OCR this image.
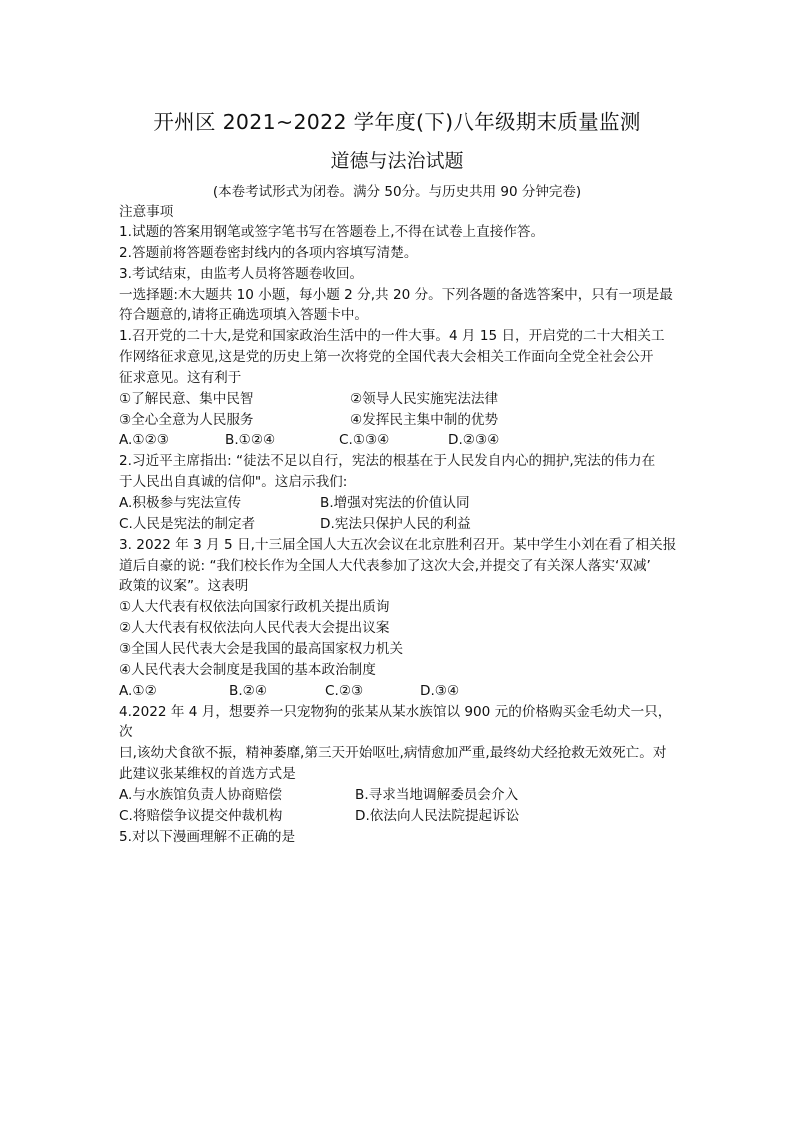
开州区 2021~2022 学年度(下)八年级期末质量监测
道德与法治试题
(本卷考试形式为闭卷。满分 50分。与历史共用 90 分钟完卷)
注意事项
1.试题的答案用钢笔或签字笔书写在答题卷上,不得在试卷上直接作答。
2.答题前将答题卷密封线内的各项内容填写清楚。
3.考试结束，由监考人员将答题卷收回。
一选择题:木大题共 10 小题，每小题 2 分,共 20 分。下列各题的备选答案中，只有一项是最
符合题意的,请将正确选项填入答题卡中。
1.召开党的二十大,是党和国家政治生活中的一件大事。4 月 15 日，开启党的二十大相关工
作网络征求意见,这是党的历史上第一次将党的全国代表大会相关工作面向全党全社会公开
征求意见。这有利于
①了解民意、集中民智	②领导人民实施宪法法律
③全心全意为人民服务	④发挥民主集中制的优势
A.①②③	B.①②④	C.①③④	D.②③④
2.习近平主席指出: “徒法不足以自行，宪法的根基在于人民发自内心的拥护,宪法的伟力在
于人民出自真诚的信仰"。这启示我们:
A.积极参与宪法宣传	B.增强对宪法的价值认同
C.人民是宪法的制定者	D.宪法只保护人民的利益
3. 2022 年 3 月 5 日,十三届全国人大五次会议在北京胜利召开。某中学生小刘在看了相关报
道后自豪的说: “我们校长作为全国人大代表参加了这次大会,并提交了有关深人落实‘双减’
政策的议案”。这表明
①人大代表有权依法向国家行政机关提出质询
②人大代表有权依法向人民代表大会提出议案
③全国人民代表大会是我国的最高国家权力机关
④人民代表大会制度是我国的基本政治制度
A.①②	B.②④	C.②③	D.③④
4.2022 年 4 月，想要养一只宠物狗的张某从某水族馆以 900 元的价格购买金毛幼犬一只，
次
曰,该幼犬食欲不振，精神萎靡,第三天开始呕吐,病情愈加严重,最终幼犬经抢救无效死亡。对
此建议张某维权的首选方式是
A.与水族馆负责人协商赔偿	B.寻求当地调解委员会介入
C.将赔偿争议提交仲裁机构	D.依法向人民法院提起诉讼
5.对以下漫画理解不正确的是
